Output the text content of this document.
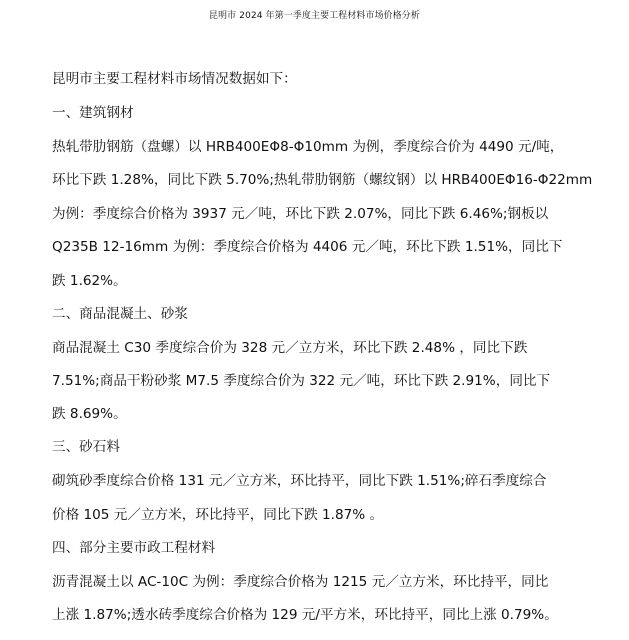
昆明市 2024 年第一季度主要工程材料市场价格分析
昆明市主要工程材料市场情况数据如下：
一、建筑钢材
热轧带肋钢筋（盘螺）以 HRB400EΦ8-Φ10mm 为例，季度综合价为 4490 元/吨，
环比下跌 1.28%，同比下跌 5.70%;热轧带肋钢筋（螺纹钢）以 HRB400EΦ16-Φ22mm
为例：季度综合价格为 3937 元／吨，环比下跌 2.07%，同比下跌 6.46%;钢板以
Q235B 12-16mm 为例：季度综合价格为 4406 元／吨，环比下跌 1.51%，同比下
跌 1.62%。
二、商品混凝土、砂浆
商品混凝土 C30 季度综合价为 328 元／立方米，环比下跌 2.48% ，同比下跌
7.51%;商品干粉砂浆 M7.5 季度综合价为 322 元／吨，环比下跌 2.91%，同比下
跌 8.69%。
三、砂石料
砌筑砂季度综合价格 131 元／立方米，环比持平，同比下跌 1.51%;碎石季度综合
价格 105 元／立方米，环比持平，同比下跌 1.87% 。
四、部分主要市政工程材料
沥青混凝土以 AC-10C 为例：季度综合价格为 1215 元／立方米，环比持平，同比
上涨 1.87%;透水砖季度综合价格为 129 元/平方米，环比持平，同比上涨 0.79%。
